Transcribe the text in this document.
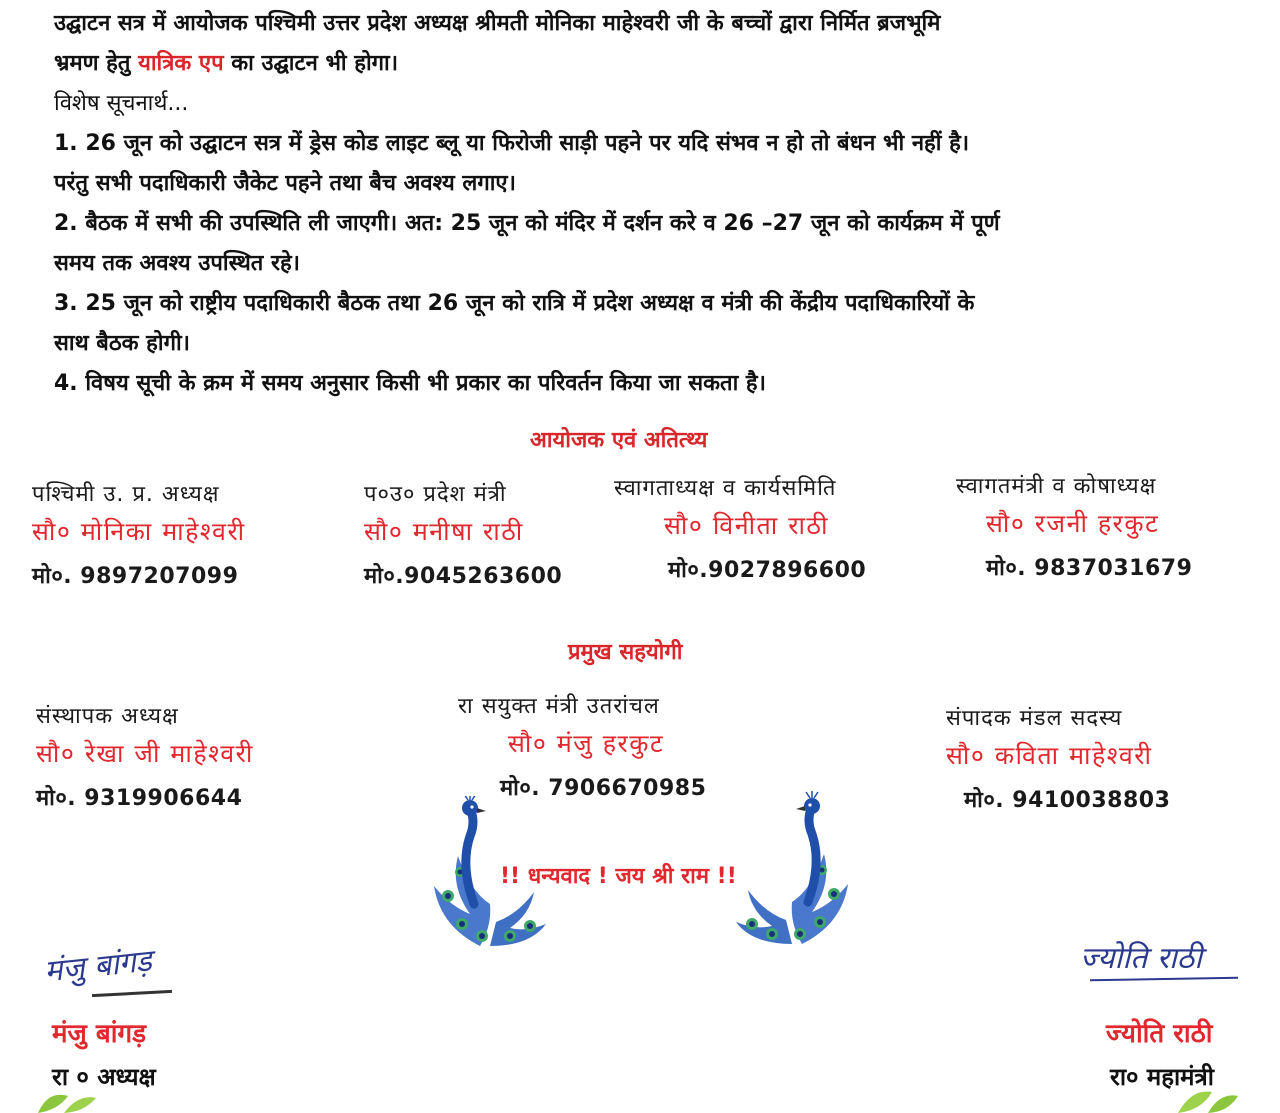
उद्घाटन सत्र में आयोजक पश्चिमी उत्तर प्रदेश अध्यक्ष श्रीमती मोनिका माहेश्वरी जी के बच्चों द्वारा निर्मित ब्रजभूमि

भ्रमण हेतु यात्रिक एप का उद्घाटन भी होगा।

विशेष सूचनार्थ...

1. 26 जून को उद्घाटन सत्र में ड्रेस कोड लाइट ब्लू या फिरोजी साड़ी पहने पर यदि संभव न हो तो बंधन भी नहीं है।

परंतु सभी पदाधिकारी जैकेट पहने तथा बैच अवश्य लगाए।

2. बैठक में सभी की उपस्थिति ली जाएगी। अत: 25 जून को मंदिर में दर्शन करे व 26 –27 जून को कार्यक्रम में पूर्ण

समय तक अवश्य उपस्थित रहे।

3. 25 जून को राष्ट्रीय पदाधिकारी बैठक तथा 26 जून को रात्रि में प्रदेश अध्यक्ष व मंत्री की केंद्रीय पदाधिकारियों के

साथ बैठक होगी।

4. विषय सूची के क्रम में समय अनुसार किसी भी प्रकार का परिवर्तन किया जा सकता है।

आयोजक एवं अतित्थ्य
पश्चिमी उ. प्र. अध्यक्ष
सौ० मोनिका माहेश्वरी
मो०. 9897207099
प०उ० प्रदेश मंत्री
सौ० मनीषा राठी
मो०.9045263600
स्वागताध्यक्ष व कार्यसमिति
सौ० विनीता राठी
मो०.9027896600
स्वागतमंत्री व कोषाध्यक्ष
सौ० रजनी हरकुट
मो०. 9837031679
प्रमुख सहयोगी
संस्थापक अध्यक्ष
सौ० रेखा जी माहेश्वरी
मो०. 9319906644
रा सयुक्त मंत्री उतरांचल
सौ० मंजु हरकुट
मो०. 7906670985
संपादक मंडल सदस्य
सौ० कविता माहेश्वरी
मो०. 9410038803
!! धन्यवाद ! जय श्री राम !!
मंजु बांगड़
मंजु बांगड़
रा ० अध्यक्ष
ज्योति राठी
ज्योति राठी
रा० महामंत्री
